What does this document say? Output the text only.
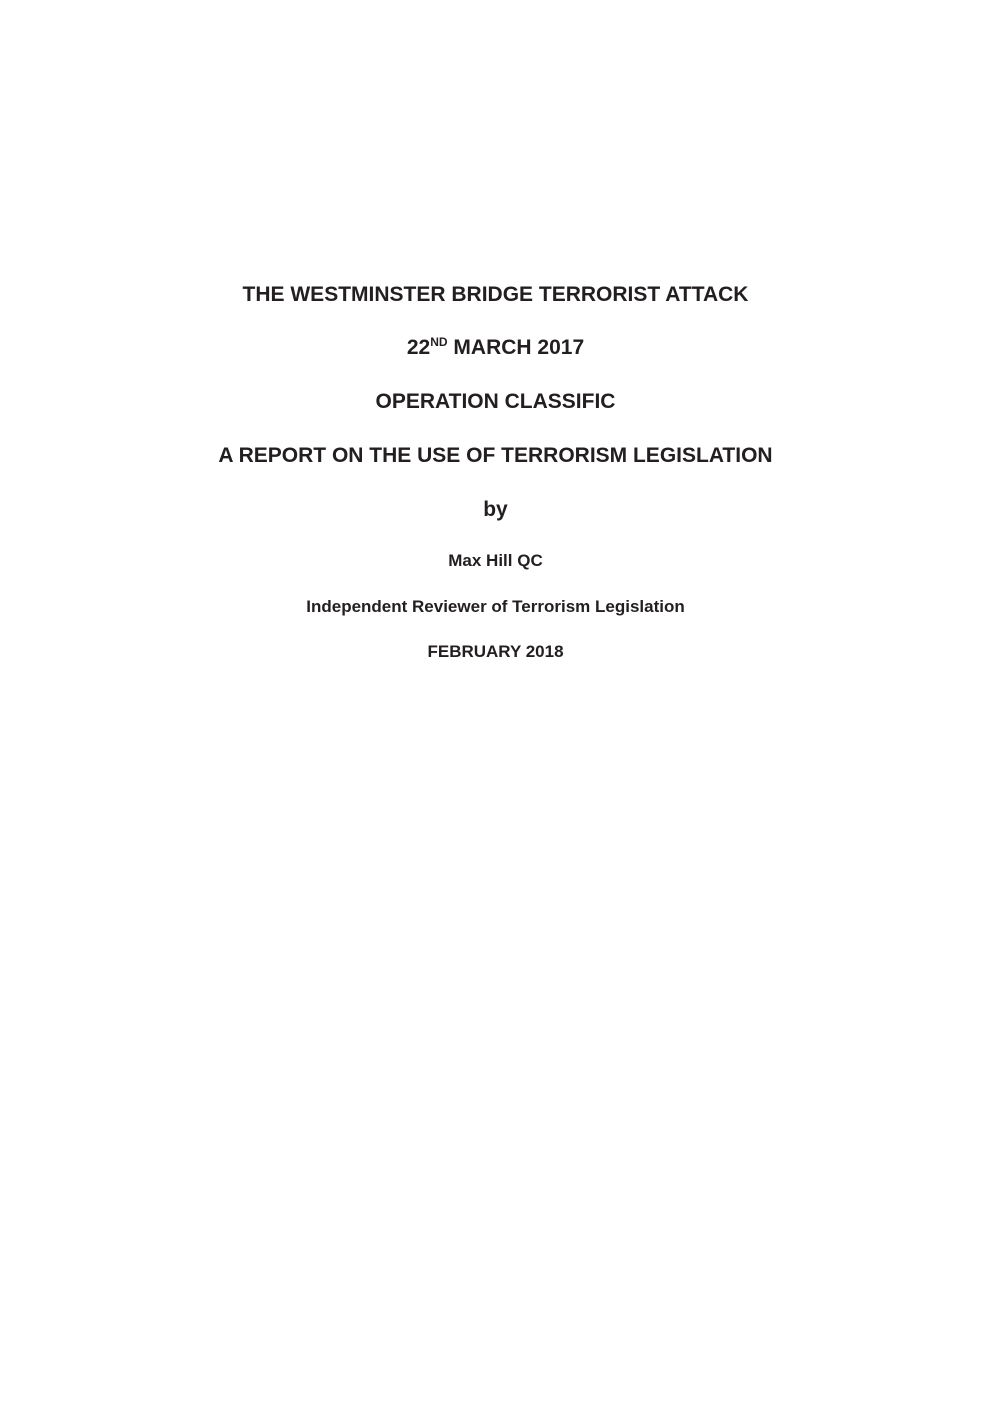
THE WESTMINSTER BRIDGE TERRORIST ATTACK
22ND MARCH 2017
OPERATION CLASSIFIC
A REPORT ON THE USE OF TERRORISM LEGISLATION
by
Max Hill QC
Independent Reviewer of Terrorism Legislation
FEBRUARY 2018
